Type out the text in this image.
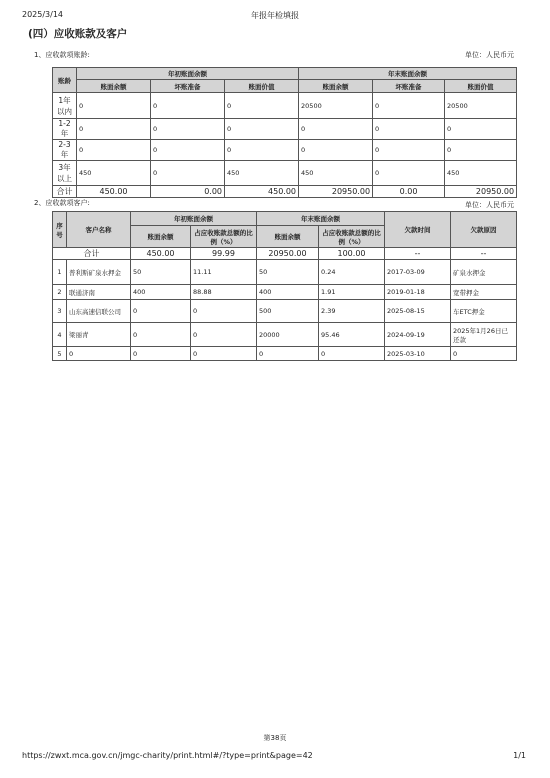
2025/3/14	年报年检填报
(四）应收账款及客户
1、应收款项账龄:	单位：人民币元
账龄	年初账面余额			年末账面余额		
	账面余额	坏账准备	账面价值	账面余额	坏账准备	账面价值
1年以内	0	0	0	20500	0	20500
1-2年	0	0	0	0	0	0
2-3年	0	0	0	0	0	0
3年以上	450	0	450	450	0	450
合计	450.00	0.00	450.00	20950.00	0.00	20950.00
2、应收款项客户:	单位：人民币元
序号	客户名称	年初账面余额		年末账面余额		欠款时间	欠款原因
		账面余额	占应收账款总额的比例（%）	账面余额	占应收账款总额的比例（%）		
合计		450.00	99.99	20950.00	100.00	--	--
1	普利斯矿泉水押金	50	11.11	50	0.24	2017-03-09	矿泉水押金
2	联通济南	400	88.88	400	1.91	2019-01-18	宽带押金
3	山东高速信联公司	0	0	500	2.39	2025-08-15	车ETC押金
4	梁丽青	0	0	20000	95.46	2024-09-19	2025年1月26日已还款
5	0	0	0	0	0	2025-03-10	0
第38页
https://zwxt.mca.gov.cn/jmgc-charity/print.html#/?type=print&page=42	1/1
